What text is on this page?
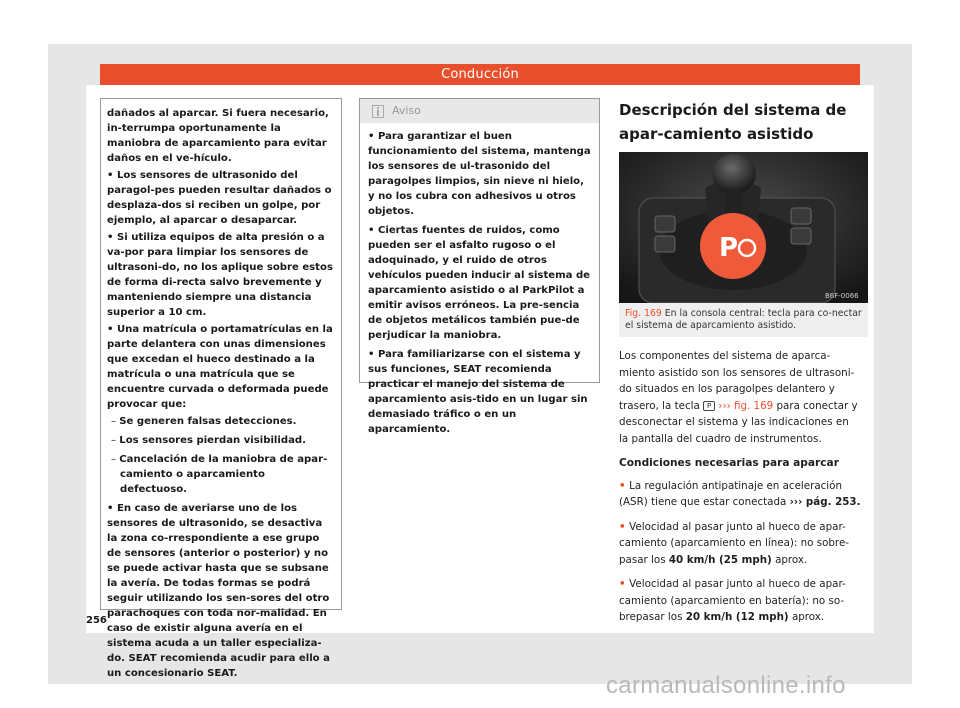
Conducción

dañados al aparcar. Si fuera necesario, in-terrumpa oportunamente la maniobra de aparcamiento para evitar daños en el ve-hículo.

• Los sensores de ultrasonido del paragol-pes pueden resultar dañados o desplaza-dos si reciben un golpe, por ejemplo, al aparcar o desaparcar.

• Si utiliza equipos de alta presión o a va-por para limpiar los sensores de ultrasoni-do, no los aplique sobre estos de forma di-recta salvo brevemente y manteniendo siempre una distancia superior a 10 cm.

• Una matrícula o portamatrículas en la parte delantera con unas dimensiones que excedan el hueco destinado a la matrícula o una matrícula que se encuentre curvada o deformada puede provocar que:

– Se generen falsas detecciones.

– Los sensores pierdan visibilidad.

– Cancelación de la maniobra de apar-camiento o aparcamiento defectuoso.

• En caso de averiarse uno de los sensores de ultrasonido, se desactiva la zona co-rrespondiente a ese grupo de sensores (anterior o posterior) y no se puede activar hasta que se subsane la avería. De todas formas se podrá seguir utilizando los sen-sores del otro parachoques con toda nor-malidad. En caso de existir alguna avería en el sistema acuda a un taller especializa-do. SEAT recomienda acudir para ello a un concesionario SEAT.

Aviso

• Para garantizar el buen funcionamiento del sistema, mantenga los sensores de ul-trasonido del paragolpes limpios, sin nieve ni hielo, y no los cubra con adhesivos u otros objetos.

• Ciertas fuentes de ruidos, como pueden ser el asfalto rugoso o el adoquinado, y el ruido de otros vehículos pueden inducir al sistema de aparcamiento asistido o al ParkPilot a emitir avisos erróneos. La pre-sencia de objetos metálicos también pue-de perjudicar la maniobra.

• Para familiarizarse con el sistema y sus funciones, SEAT recomienda practicar el manejo del sistema de aparcamiento asis-tido en un lugar sin demasiado tráfico o en un aparcamiento.

Descripción del sistema de apar-camiento asistido
P
B6F-0066
Fig. 169 En la consola central: tecla para co-nectar el sistema de aparcamiento asistido.

Los componentes del sistema de aparca-miento asistido son los sensores de ultrasoni-do situados en los paragolpes delantero y trasero, la tecla P ››› fig. 169 para conectar y desconectar el sistema y las indicaciones en la pantalla del cuadro de instrumentos.

Condiciones necesarias para aparcar

• La regulación antipatinaje en aceleración (ASR) tiene que estar conectada ››› pág. 253.

• Velocidad al pasar junto al hueco de apar-camiento (aparcamiento en línea): no sobre-pasar los 40 km/h (25 mph) aprox.

• Velocidad al pasar junto al hueco de apar-camiento (aparcamiento en batería): no so-brepasar los 20 km/h (12 mph) aprox.

256
carmanualsonline.info
